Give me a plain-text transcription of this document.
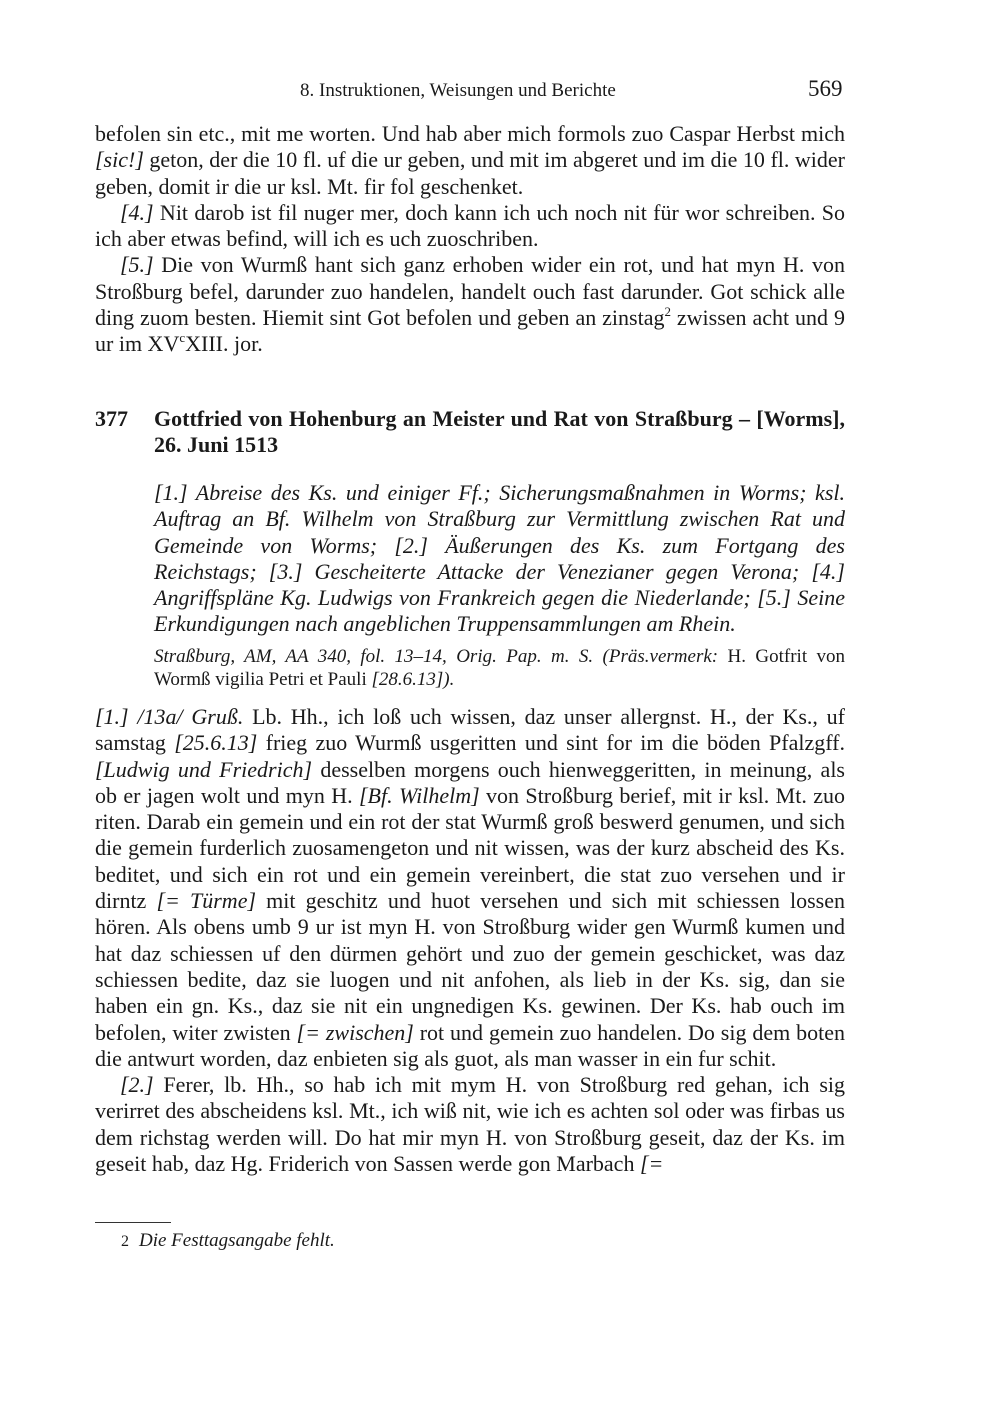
8. Instruktionen, Weisungen und Berichte	569

befolen sin etc., mit me worten. Und hab aber mich formols zuo Caspar Herbst mich [sic!] geton, der die 10 fl. uf die ur geben, und mit im abgeret und im die 10 fl. wider geben, domit ir die ur ksl. Mt. fir fol geschenket.

[4.] Nit darob ist fil nuger mer, doch kann ich uch noch nit für wor schreiben. So ich aber etwas befind, will ich es uch zuoschriben.

[5.] Die von Wurmß hant sich ganz erhoben wider ein rot, und hat myn H. von Stroßburg befel, darunder zuo handelen, handelt ouch fast darunder. Got schick alle ding zuom besten. Hiemit sint Got befolen und geben an zinstag$^2$ zwissen acht und 9 ur im $XV^cXIII$. jor.

377 Gottfried von Hohenburg an Meister und Rat von Straßburg – [Worms], 26. Juni 1513
[1.] Abreise des Ks. und einiger Ff.; Sicherungsmaßnahmen in Worms; ksl. Auftrag an Bf. Wilhelm von Straßburg zur Vermittlung zwischen Rat und Gemeinde von Worms; [2.] Äußerungen des Ks. zum Fortgang des Reichstags; [3.] Gescheiterte Attacke der Venezianer gegen Verona; [4.] Angriffspläne Kg. Ludwigs von Frankreich gegen die Niederlande; [5.] Seine Erkundigungen nach angeblichen Truppensammlungen am Rhein.
Straßburg, AM, AA 340, fol. 13–14, Orig. Pap. m. S. (Präs.vermerk: H. Gotfrit von Wormß vigilia Petri et Pauli [28.6.13]).

[1.] /13a/ Gruß. Lb. Hh., ich loß uch wissen, daz unser allergnst. H., der Ks., uf samstag [25.6.13] frieg zuo Wurmß usgeritten und sint for im die böden Pfalzgff. [Ludwig und Friedrich] desselben morgens ouch hienweggeritten, in meinung, als ob er jagen wolt und myn H. [Bf. Wilhelm] von Stroßburg berief, mit ir ksl. Mt. zuo riten. Darab ein gemein und ein rot der stat Wurmß groß beswerd genumen, und sich die gemein furderlich zuosamengeton und nit wissen, was der kurz abscheid des Ks. beditet, und sich ein rot und ein gemein vereinbert, die stat zuo versehen und ir dirntz [= Türme] mit geschitz und huot versehen und sich mit schiessen lossen hören. Als obens umb 9 ur ist myn H. von Stroßburg wider gen Wurmß kumen und hat daz schiessen uf den dürmen gehört und zuo der gemein geschicket, was daz schiessen bedite, daz sie luogen und nit anfohen, als lieb in der Ks. sig, dan sie haben ein gn. Ks., daz sie nit ein ungnedigen Ks. gewinen. Der Ks. hab ouch im befolen, witer zwisten [= zwischen] rot und gemein zuo handelen. Do sig dem boten die antwurt worden, daz enbieten sig als guot, als man wasser in ein fur schit.

[2.] Ferer, lb. Hh., so hab ich mit mym H. von Stroßburg red gehan, ich sig verirret des abscheidens ksl. Mt., ich wiß nit, wie ich es achten sol oder was firbas us dem richstag werden will. Do hat mir myn H. von Stroßburg geseit, daz der Ks. im geseit hab, daz Hg. Friderich von Sassen werde gon Marbach [=

2 Die Festtagsangabe fehlt.
